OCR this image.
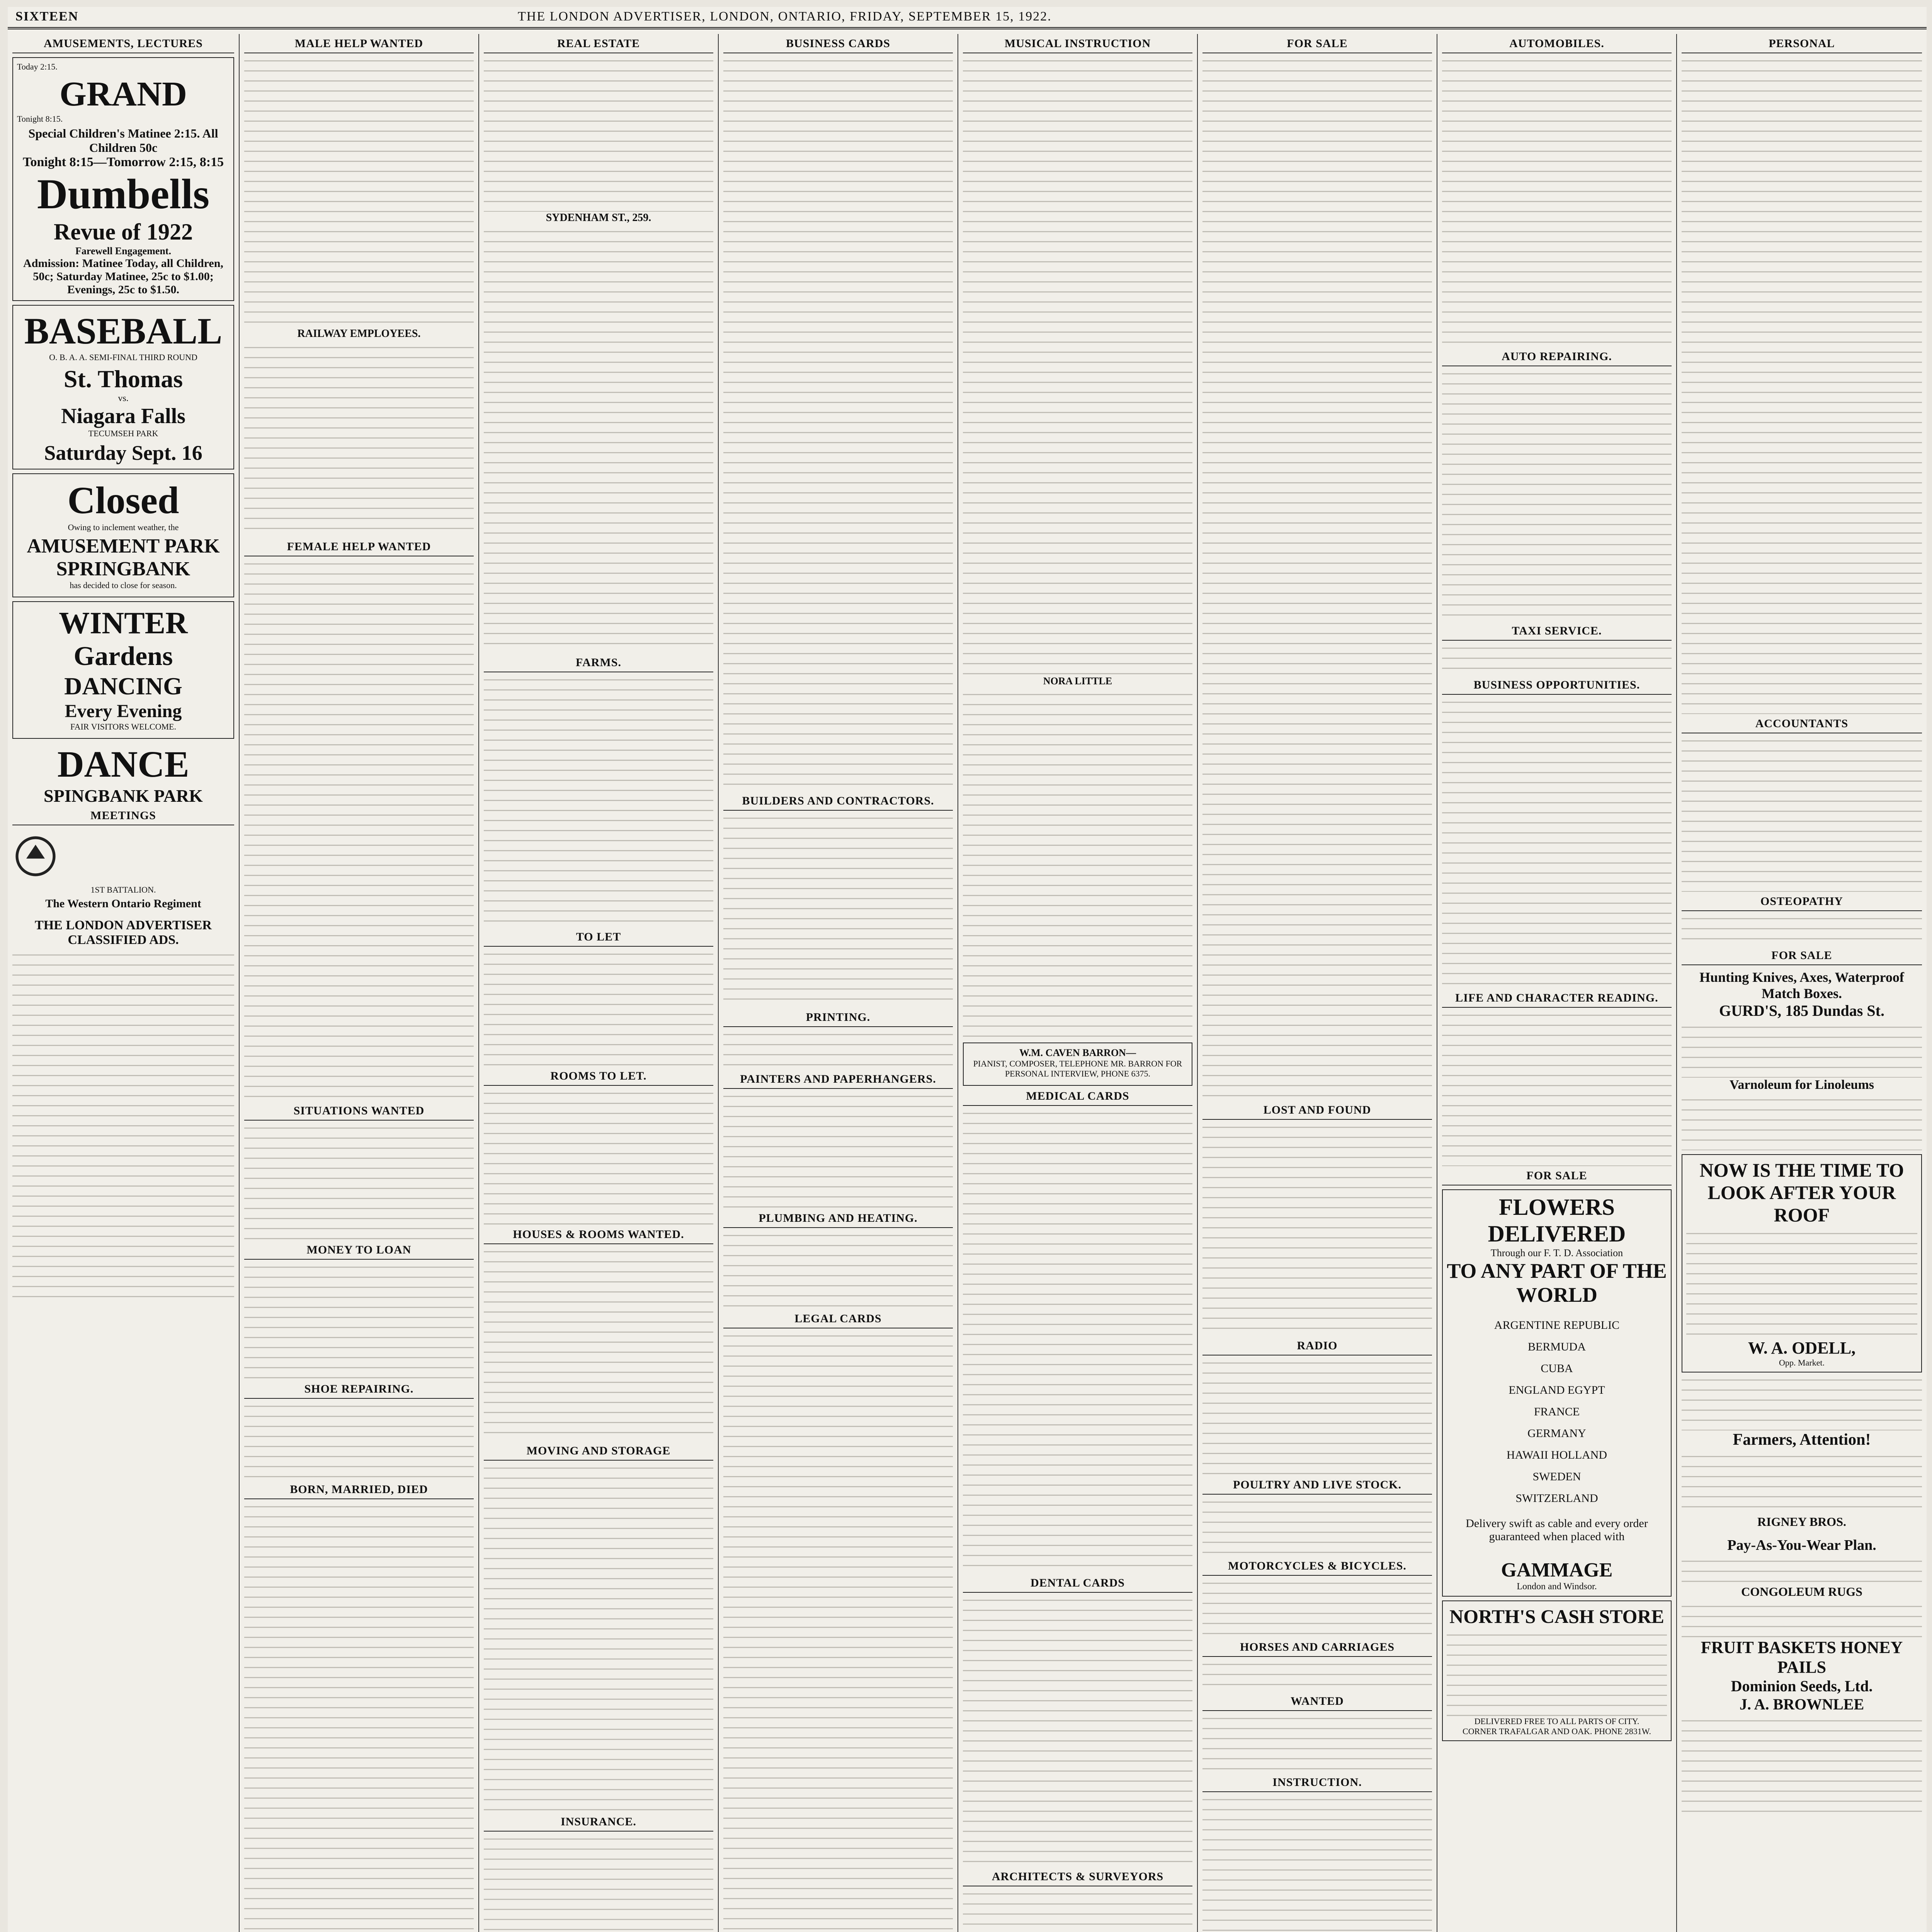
SIXTEEN	THE LONDON ADVERTISER, LONDON, ONTARIO, FRIDAY, SEPTEMBER 15, 1922.
AMUSEMENTS, LECTURES
Today 2:15.
GRAND
Tonight 8:15.
Special Children's Matinee 2:15. All Children 50c
Tonight 8:15—Tomorrow 2:15, 8:15
Dumbells
Revue of 1922
Farewell Engagement.
Admission: Matinee Today, all Children, 50c; Saturday Matinee, 25c to $1.00; Evenings, 25c to $1.50.
BASEBALL
O. B. A. A. SEMI-FINAL THIRD ROUND
St. Thomas
vs.
Niagara Falls
TECUMSEH PARK
Saturday Sept. 16
Closed
Owing to inclement weather, the
AMUSEMENT PARK SPRINGBANK
has decided to close for season.
WINTER
Gardens
DANCING
Every Evening
FAIR VISITORS WELCOME.
DANCE
SPINGBANK PARK
MEETINGS
1ST BATTALION.
The Western Ontario Regiment
THE LONDON ADVERTISER CLASSIFIED ADS.
MALE HELP WANTED
RAILWAY EMPLOYEES.
FEMALE HELP WANTED
SITUATIONS WANTED
MONEY TO LOAN
SHOE REPAIRING.
BORN, MARRIED, DIED
REAL ESTATE
SYDENHAM ST., 259.
FARMS.
TO LET
ROOMS TO LET.
HOUSES & ROOMS WANTED.
MOVING AND STORAGE
INSURANCE.
BUSINESS CARDS
BUILDERS AND CONTRACTORS.
PRINTING.
PAINTERS AND PAPERHANGERS.
PLUMBING AND HEATING.
LEGAL CARDS
MUSICAL INSTRUCTION
NORA LITTLE
W.M. CAVEN BARRON—
PIANIST, COMPOSER, TELEPHONE MR. BARRON FOR PERSONAL INTERVIEW, PHONE 6375.
MEDICAL CARDS
DENTAL CARDS
ARCHITECTS & SURVEYORS
FOR SALE
LOST AND FOUND
RADIO
POULTRY AND LIVE STOCK.
MOTORCYCLES & BICYCLES.
HORSES AND CARRIAGES
WANTED
INSTRUCTION.
AUTOMOBILES.
AUTO REPAIRING.
TAXI SERVICE.
BUSINESS OPPORTUNITIES.
LIFE AND CHARACTER READING.
FOR SALE
FLOWERS DELIVERED
Through our F. T. D. Association
TO ANY PART OF THE WORLD
ARGENTINE REPUBLIC
BERMUDA
CUBA
ENGLAND EGYPT
FRANCE
GERMANY
HAWAII HOLLAND
SWEDEN
SWITZERLAND
Delivery swift as cable and every order guaranteed when placed with
GAMMAGE
London and Windsor.
NORTH'S CASH STORE
DELIVERED FREE TO ALL PARTS OF CITY.
CORNER TRAFALGAR AND OAK. PHONE 2831W.
PERSONAL
ACCOUNTANTS
OSTEOPATHY
FOR SALE
Hunting Knives, Axes, Waterproof Match Boxes.
GURD'S, 185 Dundas St.
Varnoleum for Linoleums
NOW IS THE TIME TO LOOK AFTER YOUR ROOF
W. A. ODELL,
Opp. Market.
Farmers, Attention!
RIGNEY BROS.
Pay-As-You-Wear Plan.
CONGOLEUM RUGS
FRUIT BASKETS HONEY PAILS
Dominion Seeds, Ltd.
J. A. BROWNLEE
